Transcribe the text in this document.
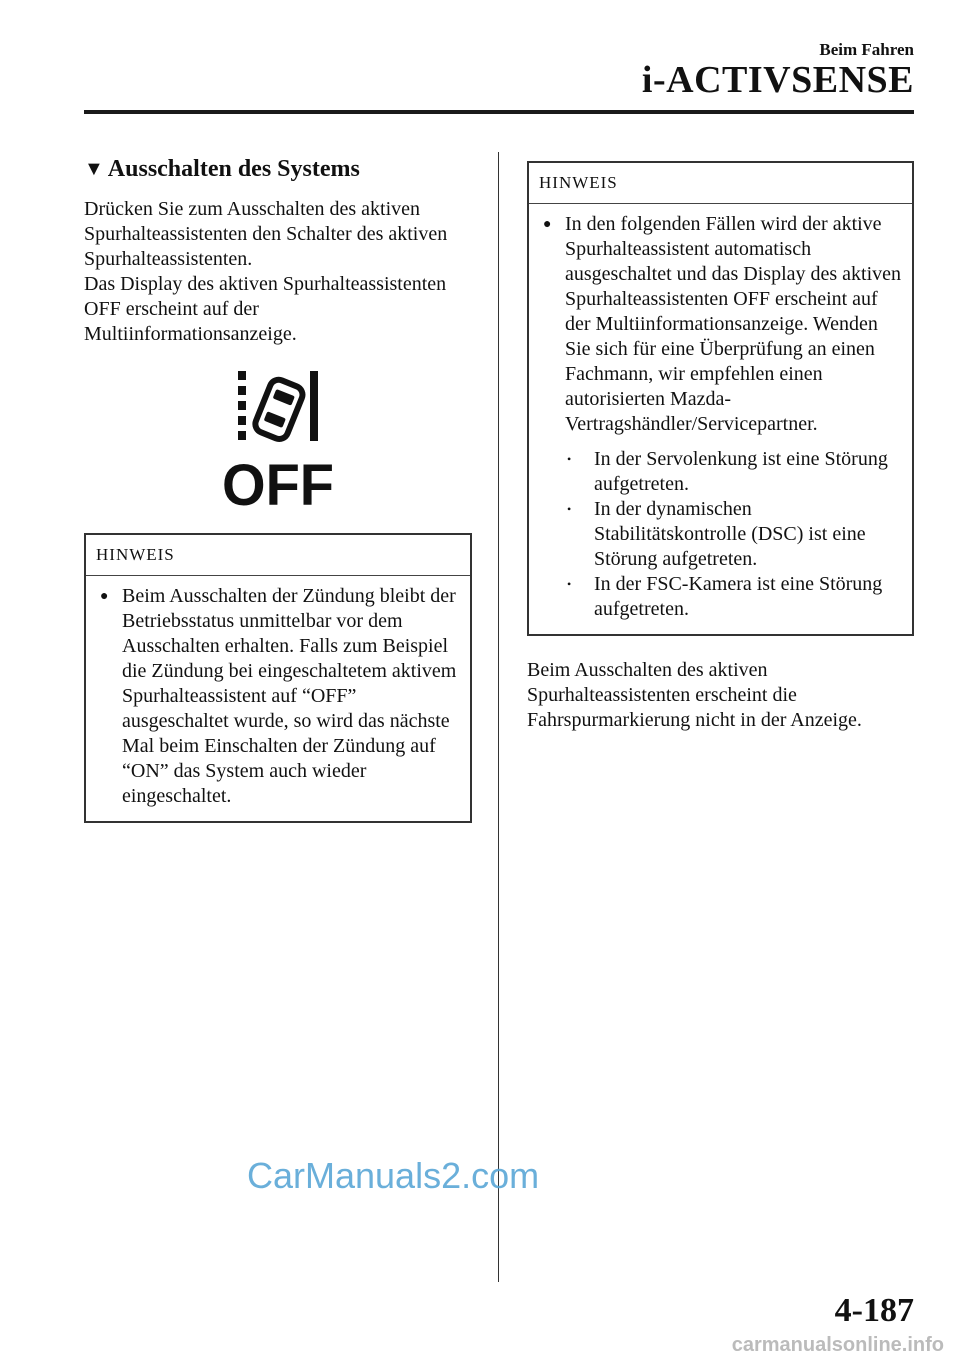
Beim Fahren
i-ACTIVSENSE
▼ Ausschalten des Systems

Drücken Sie zum Ausschalten des aktiven Spurhalteassistenten den Schalter des aktiven Spurhalteassistenten.

Das Display des aktiven Spurhalteassistenten OFF erscheint auf der Multiinformationsanzeige.

OFF
HINWEIS
● Beim Ausschalten der Zündung bleibt der Betriebsstatus unmittelbar vor dem Ausschalten erhalten. Falls zum Beispiel die Zündung bei eingeschaltetem aktivem Spurhalteassistent auf “OFF” ausgeschaltet wurde, so wird das nächste Mal beim Einschalten der Zündung auf “ON” das System auch wieder eingeschaltet.
HINWEIS
● In den folgenden Fällen wird der aktive Spurhalteassistent automatisch ausgeschaltet und das Display des aktiven Spurhalteassistenten OFF erscheint auf der Multiinformationsanzeige. Wenden Sie sich für eine Überprüfung an einen Fachmann, wir empfehlen einen autorisierten Mazda-Vertragshändler/Servicepartner.
•	In der Servolenkung ist eine Störung aufgetreten.
•	In der dynamischen Stabilitätskontrolle (DSC) ist eine Störung aufgetreten.
•	In der FSC-Kamera ist eine Störung aufgetreten.

Beim Ausschalten des aktiven Spurhalteassistenten erscheint die Fahrspurmarkierung nicht in der Anzeige.

CarManuals2.com
4-187
carmanualsonline.info
